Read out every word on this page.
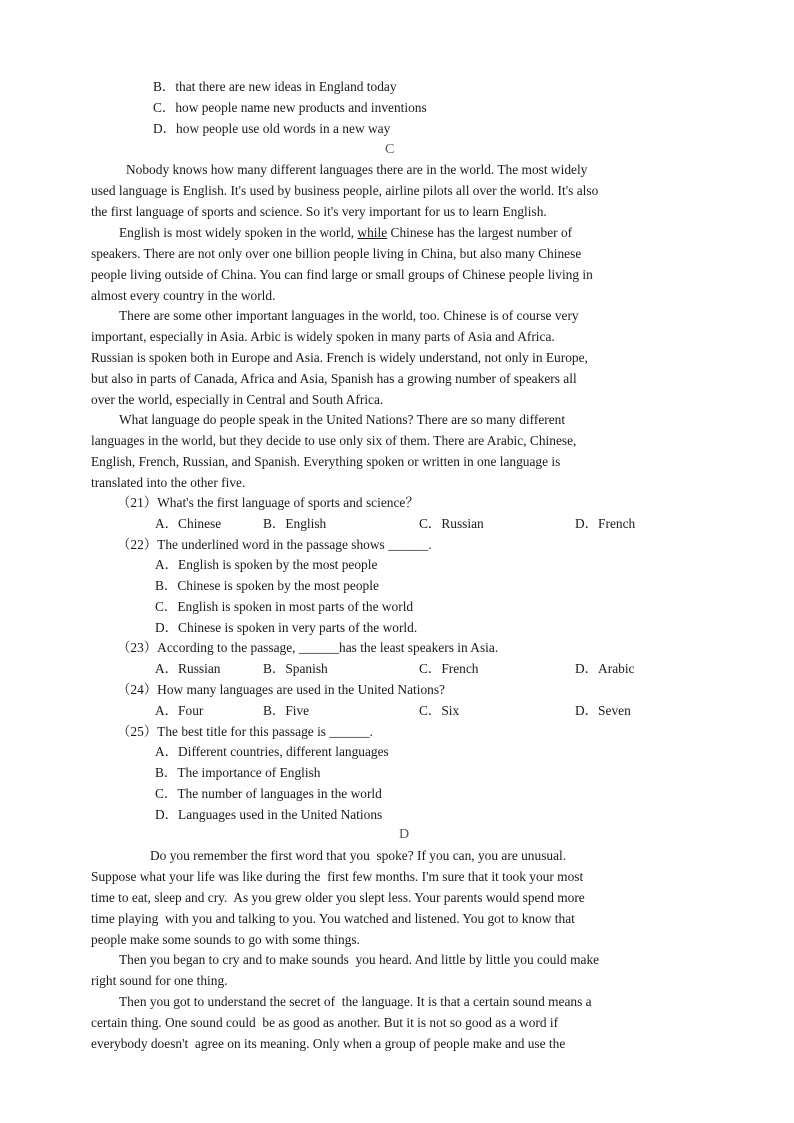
B．that there are new ideas in England today
C．how people name new products and inventions
D．how people use old words in a new way
C
Nobody knows how many different languages there are in the world. The most widely
used language is English. It's used by business people, airline pilots all over the world. It's also
the first language of sports and science. So it's very important for us to learn English.
English is most widely spoken in the world, while Chinese has the largest number of
speakers. There are not only over one billion people living in China, but also many Chinese
people living outside of China. You can find large or small groups of Chinese people living in
almost every country in the world.
There are some other important languages in the world, too. Chinese is of course very
important, especially in Asia. Arbic is widely spoken in many parts of Asia and Africa.
Russian is spoken both in Europe and Asia. French is widely understand, not only in Europe,
but also in parts of Canada, Africa and Asia, Spanish has a growing number of speakers all
over the world, especially in Central and South Africa.
What language do people speak in the United Nations? There are so many different
languages in the world, but they decide to use only six of them. There are Arabic, Chinese,
English, French, Russian, and Spanish. Everything spoken or written in one language is
translated into the other five.
（21）What's the first language of sports and science？
A．Chinese	B．English	C．Russian	D．French
（22）The underlined word in the passage shows ______.
A．English is spoken by the most people
B．Chinese is spoken by the most people
C．English is spoken in most parts of the world
D．Chinese is spoken in very parts of the world.
（23）According to the passage, ______has the least speakers in Asia.
A．Russian	B．Spanish	C．French	D．Arabic
（24）How many languages are used in the United Nations?
A．Four	B．Five	C．Six	D．Seven
（25）The best title for this passage is ______.
A．Different countries, different languages
B．The importance of English
C．The number of languages in the world
D．Languages used in the United Nations
D
Do you remember the first word that you  spoke? If you can, you are unusual.
Suppose what your life was like during the  first few months. I'm sure that it took your most
time to eat, sleep and cry.  As you grew older you slept less. Your parents would spend more
time playing  with you and talking to you. You watched and listened. You got to know that
people make some sounds to go with some things.
Then you began to cry and to make sounds  you heard. And little by little you could make
right sound for one thing.
Then you got to understand the secret of  the language. It is that a certain sound means a
certain thing. One sound could  be as good as another. But it is not so good as a word if
everybody doesn't  agree on its meaning. Only when a group of people make and use the
